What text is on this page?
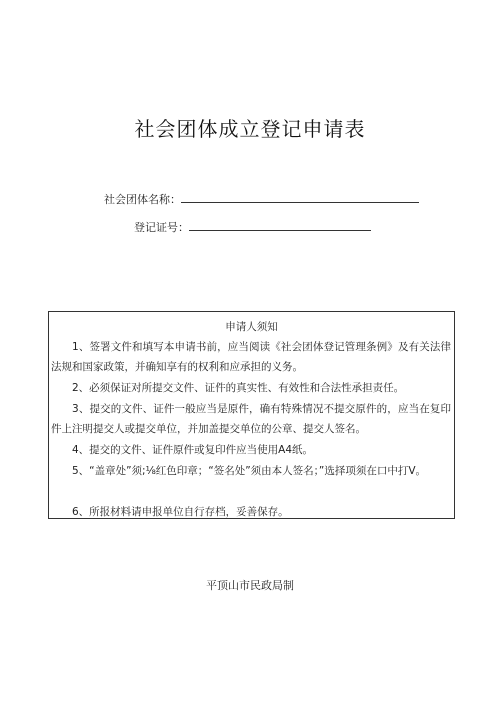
社会团体成立登记申请表
社会团体名称：
登记证号：
申请人须知
1、签署文件和填写本申请书前，应当阅读《社会团体登记管理条例》及有关法律法规和国家政策，并确知享有的权利和应承担的义务。
2、必须保证对所提交文件、证件的真实性、有效性和合法性承担责任。
3、提交的文件、证件一般应当是原件，确有特殊情况不提交原件的，应当在复印件上注明提交人或提交单位，并加盖提交单位的公章、提交人签名。
4、提交的文件、证件原件或复印件应当使用A4纸。
5、“盖章处”须;⅛红色印章；“签名处”须由本人签名；”选择项须在口中打V。
6、所报材料请申报单位自行存档，妥善保存。
平顶山市民政局制
